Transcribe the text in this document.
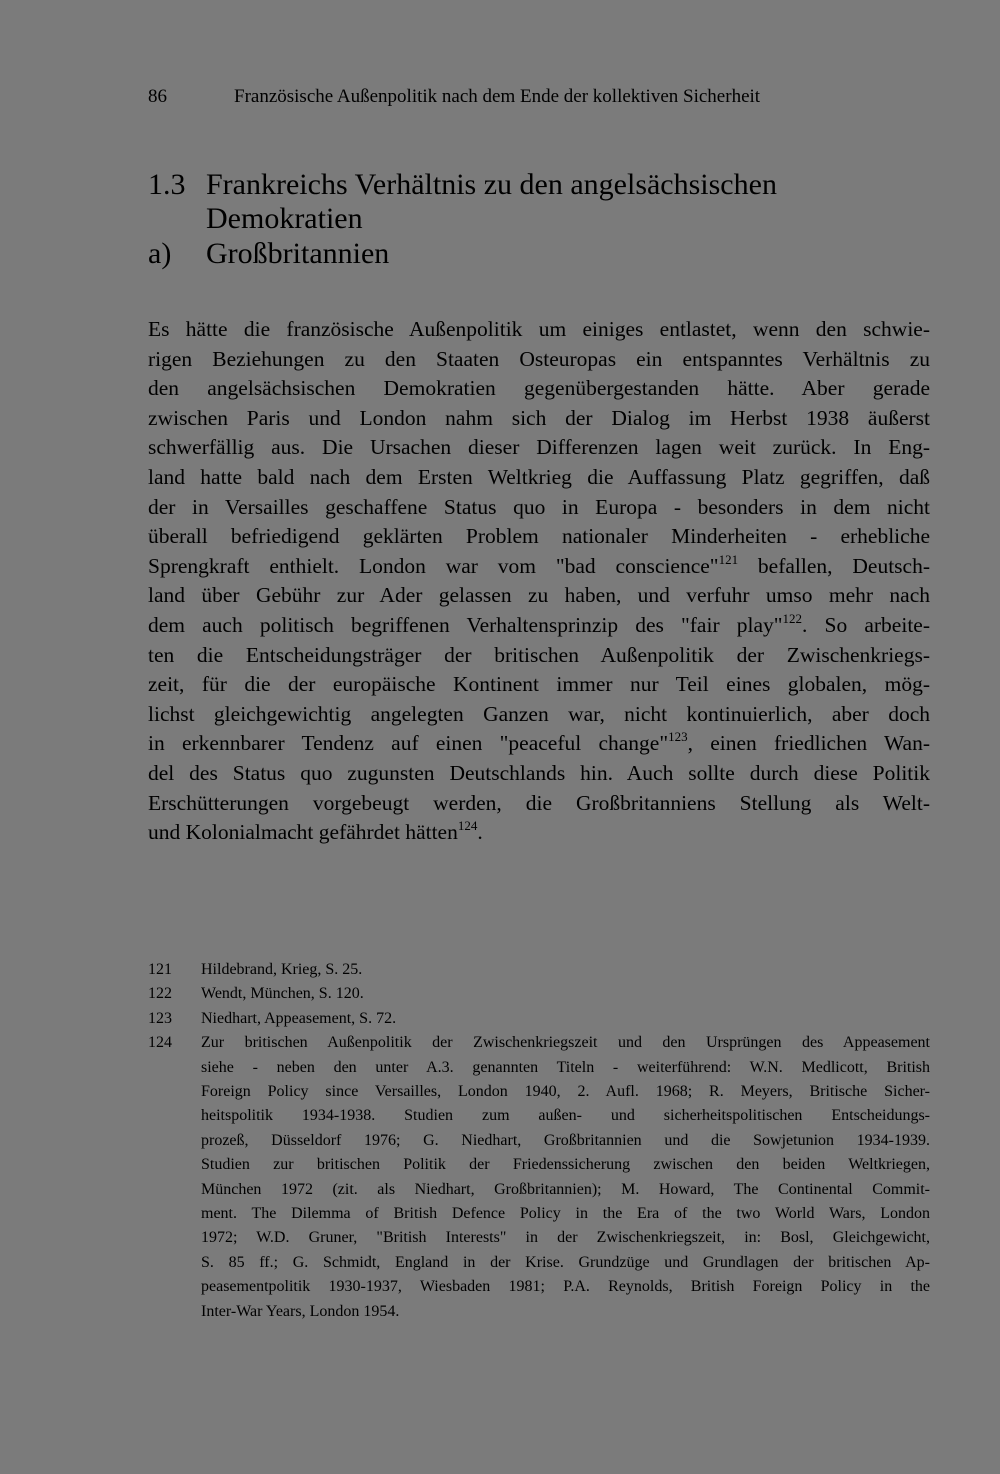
86	Französische Außenpolitik nach dem Ende der kollektiven Sicherheit
1.3 Frankreichs Verhältnis zu den angelsächsischen
Demokratien
a) Großbritannien
Es hätte die französische Außenpolitik um einiges entlastet, wenn den schwie-
rigen Beziehungen zu den Staaten Osteuropas ein entspanntes Verhältnis zu
den angelsächsischen Demokratien gegenübergestanden hätte. Aber gerade
zwischen Paris und London nahm sich der Dialog im Herbst 1938 äußerst
schwerfällig aus. Die Ursachen dieser Differenzen lagen weit zurück. In Eng-
land hatte bald nach dem Ersten Weltkrieg die Auffassung Platz gegriffen, daß
der in Versailles geschaffene Status quo in Europa - besonders in dem nicht
überall befriedigend geklärten Problem nationaler Minderheiten - erhebliche
Sprengkraft enthielt. London war vom "bad conscience"$^{121}$ befallen, Deutsch-
land über Gebühr zur Ader gelassen zu haben, und verfuhr umso mehr nach
dem auch politisch begriffenen Verhaltensprinzip des "fair play"$^{122}$. So arbeite-
ten die Entscheidungsträger der britischen Außenpolitik der Zwischenkriegs-
zeit, für die der europäische Kontinent immer nur Teil eines globalen, mög-
lichst gleichgewichtig angelegten Ganzen war, nicht kontinuierlich, aber doch
in erkennbarer Tendenz auf einen "peaceful change"$^{123}$, einen friedlichen Wan-
del des Status quo zugunsten Deutschlands hin. Auch sollte durch diese Politik
Erschütterungen vorgebeugt werden, die Großbritanniens Stellung als Welt-
und Kolonialmacht gefährdet hätten$^{124}$.
121 Hildebrand, Krieg, S. 25.
122 Wendt, München, S. 120.
123 Niedhart, Appeasement, S. 72.
124 Zur britischen Außenpolitik der Zwischenkriegszeit und den Ursprüngen des Appeasement
siehe - neben den unter A.3. genannten Titeln - weiterführend: W.N. Medlicott, British
Foreign Policy since Versailles, London 1940, 2. Aufl. 1968; R. Meyers, Britische Sicher-
heitspolitik 1934-1938. Studien zum außen- und sicherheitspolitischen Entscheidungs-
prozeß, Düsseldorf 1976; G. Niedhart, Großbritannien und die Sowjetunion 1934-1939.
Studien zur britischen Politik der Friedenssicherung zwischen den beiden Weltkriegen,
München 1972 (zit. als Niedhart, Großbritannien); M. Howard, The Continental Commit-
ment. The Dilemma of British Defence Policy in the Era of the two World Wars, London
1972; W.D. Gruner, "British Interests" in der Zwischenkriegszeit, in: Bosl, Gleichgewicht,
S. 85 ff.; G. Schmidt, England in der Krise. Grundzüge und Grundlagen der britischen Ap-
peasementpolitik 1930-1937, Wiesbaden 1981; P.A. Reynolds, British Foreign Policy in the
Inter-War Years, London 1954.
